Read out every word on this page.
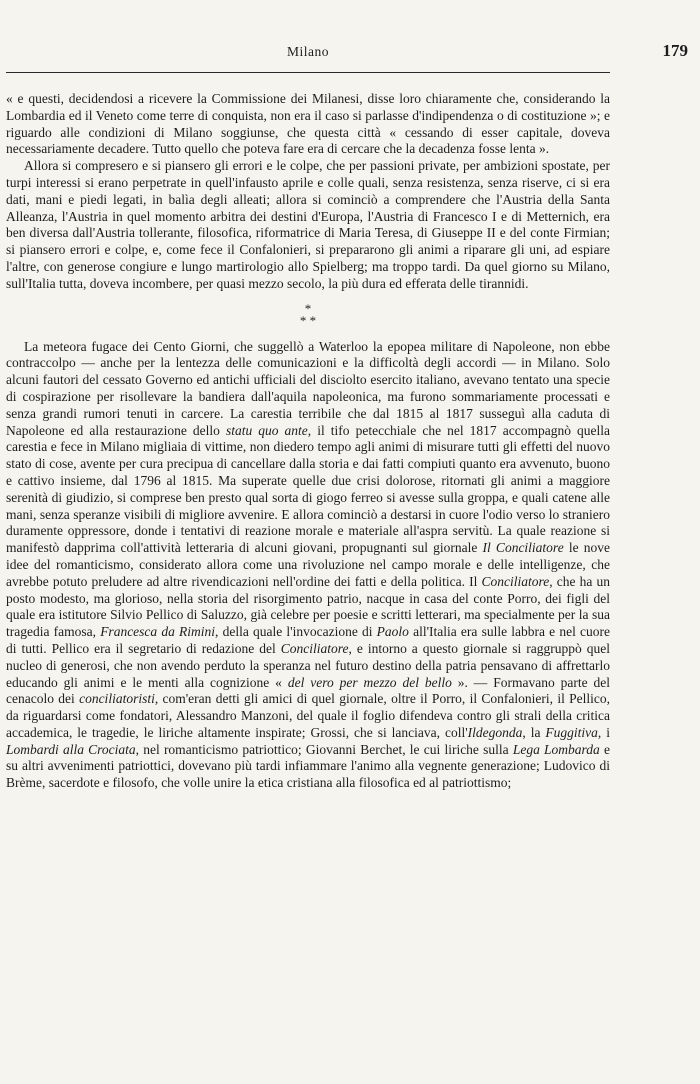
Milano	179

« e questi, decidendosi a ricevere la Commissione dei Milanesi, disse loro chiaramente che, considerando la Lombardia ed il Veneto come terre di conquista, non era il caso si parlasse d'indipendenza o di costituzione »; e riguardo alle condizioni di Milano soggiunse, che questa città « cessando di esser capitale, doveva necessariamente decadere. Tutto quello che poteva fare era di cercare che la decadenza fosse lenta ».

Allora si compresero e si piansero gli errori e le colpe, che per passioni private, per ambizioni spostate, per turpi interessi si erano perpetrate in quell'infausto aprile e colle quali, senza resistenza, senza riserve, ci si era dati, mani e piedi legati, in balìa degli alleati; allora si cominciò a comprendere che l'Austria della Santa Alleanza, l'Austria in quel momento arbitra dei destini d'Europa, l'Austria di Francesco I e di Metternich, era ben diversa dall'Austria tollerante, filosofica, riformatrice di Maria Teresa, di Giuseppe II e del conte Firmian; si piansero errori e colpe, e, come fece il Confalonieri, si prepararono gli animi a riparare gli uni, ad espiare l'altre, con generose congiure e lungo martirologio allo Spielberg; ma troppo tardi. Da quel giorno su Milano, sull'Italia tutta, doveva incombere, per quasi mezzo secolo, la più dura ed efferata delle tirannidi.

*
* *

La meteora fugace dei Cento Giorni, che suggellò a Waterloo la epopea militare di Napoleone, non ebbe contraccolpo — anche per la lentezza delle comunicazioni e la difficoltà degli accordi — in Milano. Solo alcuni fautori del cessato Governo ed antichi ufficiali del disciolto esercito italiano, avevano tentato una specie di cospirazione per risollevare la bandiera dall'aquila napoleonica, ma furono sommariamente processati e senza grandi rumori tenuti in carcere. La carestia terribile che dal 1815 al 1817 susseguì alla caduta di Napoleone ed alla restaurazione dello statu quo ante, il tifo petecchiale che nel 1817 accompagnò quella carestia e fece in Milano migliaia di vittime, non diedero tempo agli animi di misurare tutti gli effetti del nuovo stato di cose, avente per cura precipua di cancellare dalla storia e dai fatti compiuti quanto era avvenuto, buono e cattivo insieme, dal 1796 al 1815. Ma superate quelle due crisi dolorose, ritornati gli animi a maggiore serenità di giudizio, si comprese ben presto qual sorta di giogo ferreo si avesse sulla groppa, e quali catene alle mani, senza speranze visibili di migliore avvenire. E allora cominciò a destarsi in cuore l'odio verso lo straniero duramente oppressore, donde i tentativi di reazione morale e materiale all'aspra servitù. La quale reazione si manifestò dapprima coll'attività letteraria di alcuni giovani, propugnanti sul giornale Il Conciliatore le nove idee del romanticismo, considerato allora come una rivoluzione nel campo morale e delle intelligenze, che avrebbe potuto preludere ad altre rivendicazioni nell'ordine dei fatti e della politica. Il Conciliatore, che ha un posto modesto, ma glorioso, nella storia del risorgimento patrio, nacque in casa del conte Porro, dei figli del quale era istitutore Silvio Pellico di Saluzzo, già celebre per poesie e scritti letterari, ma specialmente per la sua tragedia famosa, Francesca da Rimini, della quale l'invocazione di Paolo all'Italia era sulle labbra e nel cuore di tutti. Pellico era il segretario di redazione del Conciliatore, e intorno a questo giornale si raggruppò quel nucleo di generosi, che non avendo perduto la speranza nel futuro destino della patria pensavano di affrettarlo educando gli animi e le menti alla cognizione « del vero per mezzo del bello ». — Formavano parte del cenacolo dei conciliatoristi, com'eran detti gli amici di quel giornale, oltre il Porro, il Confalonieri, il Pellico, da riguardarsi come fondatori, Alessandro Manzoni, del quale il foglio difendeva contro gli strali della critica accademica, le tragedie, le liriche altamente inspirate; Grossi, che si lanciava, coll'Ildegonda, la Fuggitiva, i Lombardi alla Crociata, nel romanticismo patriottico; Giovanni Berchet, le cui liriche sulla Lega Lombarda e su altri avvenimenti patriottici, dovevano più tardi infiammare l'animo alla vegnente generazione; Ludovico di Brème, sacerdote e filosofo, che volle unire la etica cristiana alla filosofica ed al patriottismo;
